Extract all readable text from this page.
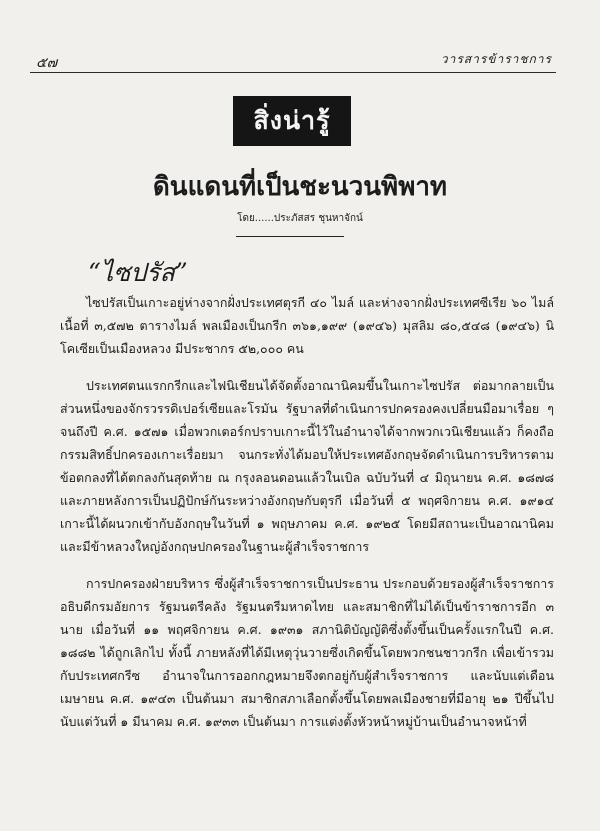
๕๗	วารสารข้าราชการ
สิ่งน่ารู้
ดินแดนที่เป็นชะนวนพิพาท
โดย......ประภัสสร ชุนหาจักน์
“ไซปรัส”

ไซปรัสเป็นเกาะอยู่ห่างจากฝั่งประเทศตุรกี ๔๐ ไมล์ และห่างจากฝั่งประเทศซีเรีย ๖๐ ไมล์ เนื้อที่ ๓,๕๗๒ ตารางไมล์ พลเมืองเป็นกรีก ๓๖๑,๑๙๙ (๑๙๔๖) มุสลิม ๘๐,๕๔๘ (๑๙๔๖) นิโคเซียเป็นเมืองหลวง มีประชากร ๕๒,๐๐๐ คน

ประเทศตนแรกกรีกและไฟนิเชียนได้จัดตั้งอาณานิคมขึ้นในเกาะไซปรัส ต่อมากลายเป็นส่วนหนึ่งของจักรวรรดิเปอร์เซียและโรมัน รัฐบาลที่ดำเนินการปกครองคงเปลี่ยนมือมาเรื่อย ๆ จนถึงปี ค.ศ. ๑๕๗๑ เมื่อพวกเตอร์กปราบเกาะนี้ไว้ในอำนาจได้จากพวกเวนิเชียนแล้ว ก็คงถือกรรมสิทธิ์ปกครองเกาะเรื่อยมา จนกระทั่งได้มอบให้ประเทศอังกฤษจัดดำเนินการบริหารตามข้อตกลงที่ได้ตกลงกันสุดท้าย ณ กรุงลอนดอนแล้วในเบิล ฉบับวันที่ ๔ มิถุนายน ค.ศ. ๑๘๗๘ และภายหลังการเป็นปฏิปักษ์กันระหว่างอังกฤษกับตุรกี เมื่อวันที่ ๕ พฤศจิกายน ค.ศ. ๑๙๑๔ เกาะนี้ได้ผนวกเข้ากับอังกฤษในวันที่ ๑ พฤษภาคม ค.ศ. ๑๙๒๕ โดยมีสถานะเป็นอาณานิคม และมีข้าหลวงใหญ่อังกฤษปกครองในฐานะผู้สำเร็จราชการ

การปกครองฝ่ายบริหาร ซึ่งผู้สำเร็จราชการเป็นประธาน ประกอบด้วยรองผู้สำเร็จราชการ อธิบดีกรมอัยการ รัฐมนตรีคลัง รัฐมนตรีมหาดไทย และสมาชิกที่ไม่ได้เป็นข้าราชการอีก ๓ นาย เมื่อวันที่ ๑๑ พฤศจิกายน ค.ศ. ๑๙๓๑ สภานิติบัญญัติซึ่งตั้งขึ้นเป็นครั้งแรกในปี ค.ศ. ๑๘๘๒ ได้ถูกเลิกไป ทั้งนี้ ภายหลังที่ได้มีเหตุวุ่นวายซึ่งเกิดขึ้นโดยพวกชนชาวกรีก เพื่อเข้ารวมกับประเทศกรีซ อำนาจในการออกกฎหมายจึงตกอยู่กับผู้สำเร็จราชการ และนับแต่เดือนเมษายน ค.ศ. ๑๙๔๓ เป็นต้นมา สมาชิกสภาเลือกตั้งขึ้นโดยพลเมืองชายที่มีอายุ ๒๑ ปีขึ้นไป นับแต่วันที่ ๑ มีนาคม ค.ศ. ๑๙๓๓ เป็นต้นมา การแต่งตั้งหัวหน้าหมู่บ้านเป็นอำนาจหน้าที่
